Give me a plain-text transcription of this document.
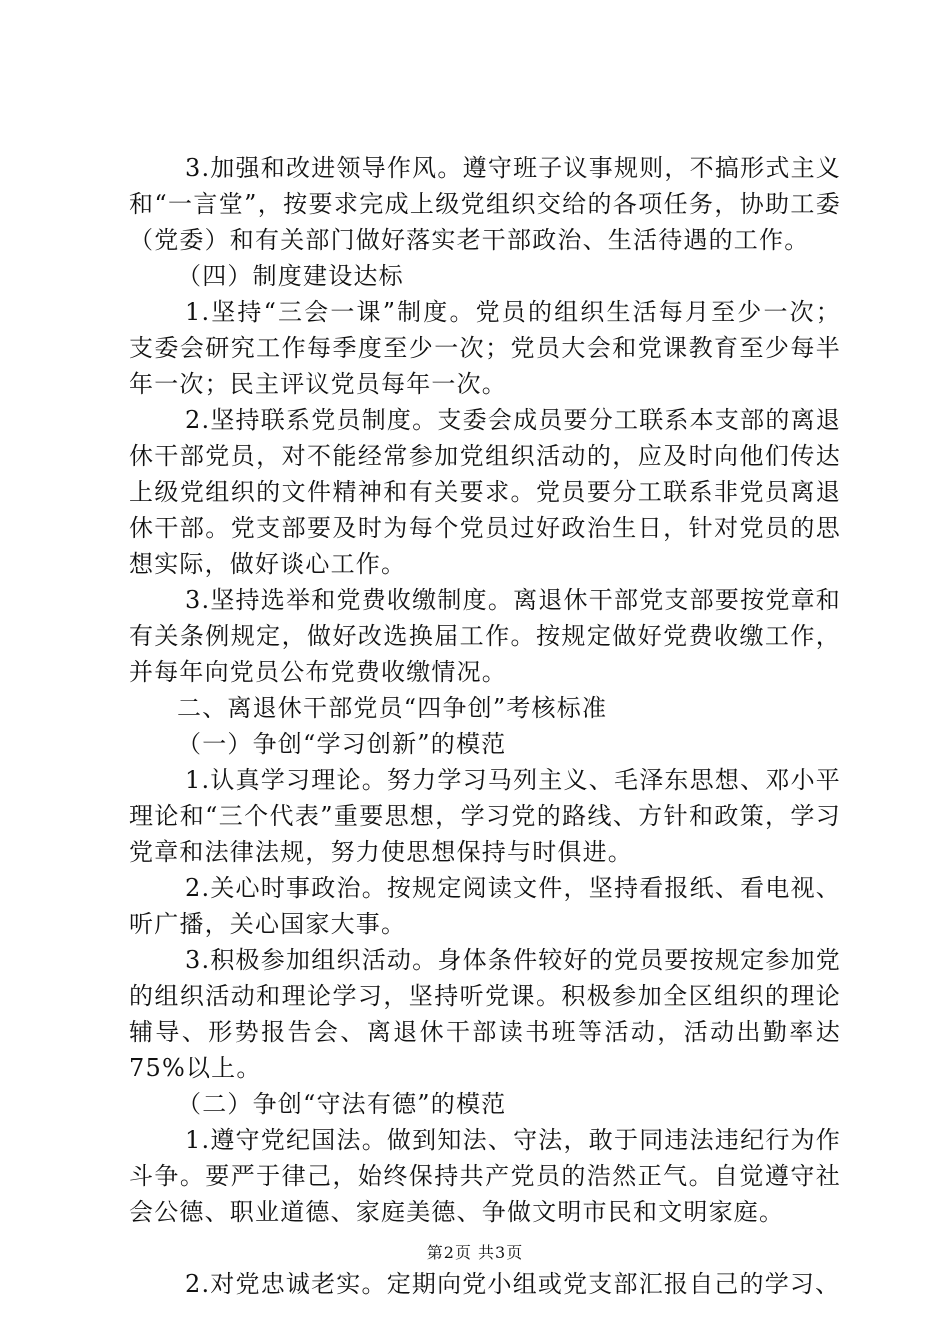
3.加强和改进领导作风。遵守班子议事规则，不搞形式主义和“一言堂”，按要求完成上级党组织交给的各项任务，协助工委（党委）和有关部门做好落实老干部政治、生活待遇的工作。

（四）制度建设达标

1.坚持“三会一课”制度。党员的组织生活每月至少一次；支委会研究工作每季度至少一次；党员大会和党课教育至少每半年一次；民主评议党员每年一次。

2.坚持联系党员制度。支委会成员要分工联系本支部的离退休干部党员，对不能经常参加党组织活动的，应及时向他们传达上级党组织的文件精神和有关要求。党员要分工联系非党员离退休干部。党支部要及时为每个党员过好政治生日，针对党员的思想实际，做好谈心工作。

3.坚持选举和党费收缴制度。离退休干部党支部要按党章和有关条例规定，做好改选换届工作。按规定做好党费收缴工作，并每年向党员公布党费收缴情况。

二、离退休干部党员“四争创”考核标准

（一）争创“学习创新”的模范

1.认真学习理论。努力学习马列主义、毛泽东思想、邓小平理论和“三个代表”重要思想，学习党的路线、方针和政策，学习党章和法律法规，努力使思想保持与时俱进。

2.关心时事政治。按规定阅读文件，坚持看报纸、看电视、听广播，关心国家大事。

3.积极参加组织活动。身体条件较好的党员要按规定参加党的组织活动和理论学习，坚持听党课。积极参加全区组织的理论辅导、形势报告会、离退休干部读书班等活动，活动出勤率达75%以上。

（二）争创“守法有德”的模范

1.遵守党纪国法。做到知法、守法，敢于同违法违纪行为作斗争。要严于律己，始终保持共产党员的浩然正气。自觉遵守社会公德、职业道德、家庭美德、争做文明市民和文明家庭。

2.对党忠诚老实。定期向党小组或党支部汇报自己的学习、

第2页 共3页
